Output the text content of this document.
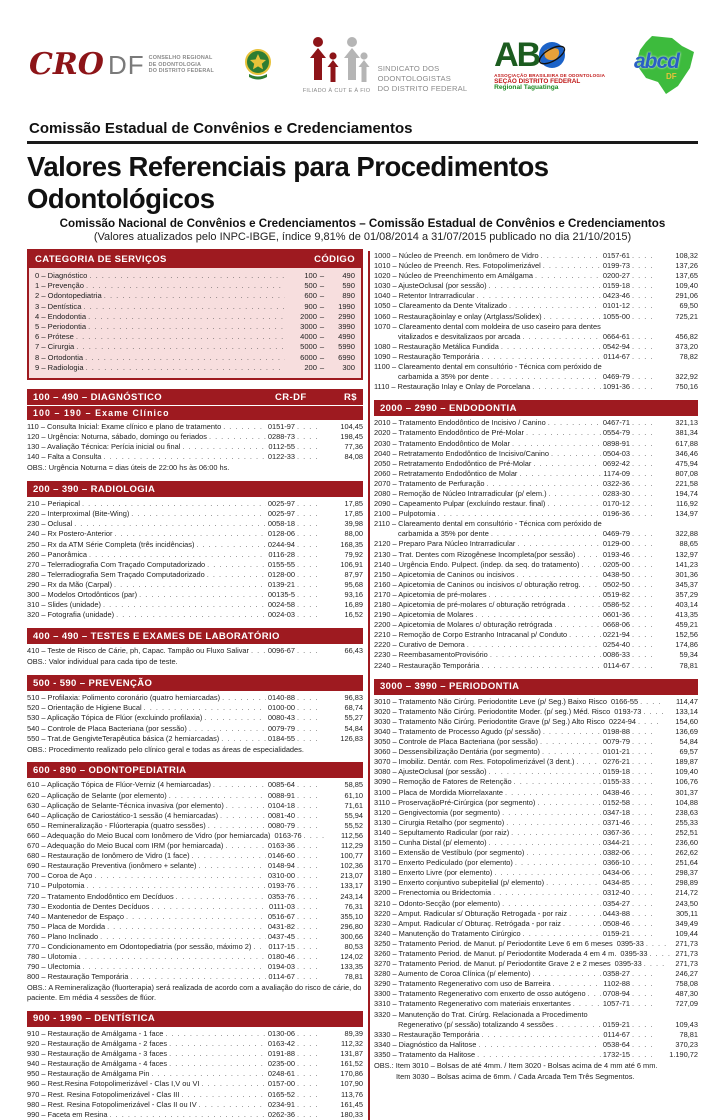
CRO DF CONSELHO REGIONAL
DE ODONTOLOGIA
DO DISTRITO FEDERAL
FILIADO À CUT E À FIO
SINDICATO DOS
ODONTOLOGISTAS
DO DISTRITO FEDERAL
AB
ASSOCIAÇÃO BRASILEIRA DE ODONTOLOGIA
SEÇÃO DISTRITO FEDERAL
Regional Taguatinga
abcd
DF
Comissão Estadual de Convênios e Credenciamentos
Valores Referenciais para Procedimentos Odontológicos
Comissão Nacional de Convênios e Credenciamentos – Comissão Estadual de Convênios e Credenciamentos
(Valores atualizados pelo INPC-IBGE, índice 9,81% de 01/08/2014 a 31/07/2015 publicado no dia 21/10/2015)
CATEGORIA DE SERVIÇOS	CÓDIGO
0 – Diagnóstico . . .	100 –	490
1 – Prevenção . . .	500 –	590
2 – Odontopediatria . . .	600 –	890
3 – Dentística . . .	900 –	1990
4 – Endodontia . . .	2000 –	2990
5 – Periodontia . . .	3000 –	3990
6 – Prótese . . .	4000 –	4990
7 – Cirurgia . . .	5000 –	5990
8 – Ortodontia . . .	6000 –	6990
9 – Radiologia . . .	200 –	300
100 – 490 – DIAGNÓSTICO	CR-DF	R$
100 – 190 – Exame Clínico
110 – Consulta Inicial: Exame clínico e plano de tratamento . . .	0151-97 . . .	104,45
120 – Urgência: Noturna, sábado, domingo ou feriados . . .	0288-73 . . .	198,45
130 – Avaliação Técnica: Perícia inicial ou final . . .	0112-55 . . .	77,36
140 – Falta a Consulta . . .	0122-33 . . .	84,08
OBS.: Urgência Noturna = dias úteis de 22:00 hs às 06:00 hs.
200 – 390 – RADIOLOGIA
210 – Periapical . . .	0025-97 . . .	17,85
220 – Interproximal (Bite-Wing) . . .	0025-97 . . .	17,85
230 – Oclusal . . .	0058-18 . . .	39,98
240 – Rx Postero-Anterior . . .	0128-06 . . .	88,00
250 – Rx da ATM Série Completa (três incidências) . . .	0244-94 . . .	168,35
260 – Panorâmica . . .	0116-28 . . .	79,92
270 – Telerradiografia Com Traçado Computadorizado . . .	0155-55 . . .	106,91
280 – Telerradiografia Sem Traçado Computadorizado . . .	0128-00 . . .	87,97
290 – Rx da Mão (Carpal) . . .	0139-21 . . .	95,68
300 – Modelos Ortodônticos (par) . . .	00135-5 . . .	93,16
310 – Slides (unidade) . . .	0024-58 . . .	16,89
320 – Fotografia (unidade) . . .	0024-03 . . .	16,52
400 – 490 – TESTES E EXAMES DE LABORATÓRIO
410 – Teste de Risco de Cárie, ph, Capac. Tampão ou Fluxo Salivar . . .	0096-67 . . .	66,43
OBS.: Valor individual para cada tipo de teste.
500 - 590 – PREVENÇÃO
510 – Profilaxia: Polimento coronário (quatro hemiarcadas) . . .	0140-88 . . .	96,83
520 – Orientação de Higiene Bucal . . .	0100-00 . . .	68,74
530 – Aplicação Tópica de Flúor (excluindo profilaxia) . . .	0080-43 . . .	55,27
540 – Controle de Placa Bacteriana (por sessão) . . .	0079-79 . . .	54,84
550 – Trat.de GengivteTerapêutica básica (2 hemiarcadas) . . .	0184-55 . . .	126,83
OBS.: Procedimento realizado pelo clínico geral e todas as áreas de especialidades.
600 - 890 – ODONTOPEDIATRIA
610 – Aplicação Tópica de Flúor-Verniz (4 hemiarcadas) . . .	0085-64 . . .	58,85
620 – Aplicação de Selante (por elemento) . . .	0088-91 . . .	61,10
630 – Aplicação de Selante-Técnica invasiva (por elemento) . . .	0104-18 . . .	71,61
640 – Aplicação de Cariostático-1 sessão (4 hemiarcadas) . . .	0081-40 . . .	55,94
650 – Remineralização - Flúorterapia (quatro sessões) . . .	0080-79 . . .	55,52
660 – Adequação do Meio Bucal com Ionômero de Vidro (por hemiarcada) 0163-76 . . .	112,56
670 – Adequação do Meio Bucal com IRM (por hemiarcada) . . .	0163-36 . . .	112,29
680 – Restauração de Ionômero de Vidro (1 face) . . .	0146-60 . . .	100,77
690 – Restauração Preventiva (ionômero + selante) . . .	0148-94 . . .	102,36
700 – Coroa de Aço . . .	0310-00 . . .	213,07
710 – Pulpotomia . . .	0193-76 . . .	133,17
720 – Tratamento Endodôntico em Decíduos . . .	0353-76 . . .	243,14
730 – Exodontia de Dentes Decíduos . . .	0111-03 . . .	76,31
740 – Mantenedor de Espaço . . .	0516-67 . . .	355,10
750 – Placa de Mordida . . .	0431-82 . . .	296,80
760 – Plano Inclinado . . .	0437-45 . . .	300,66
770 – Condicionamento em Odontopediatria (por sessão, máximo 2) . . . 0117-15 . . .	80,53
780 – Ulotomia . . .	0180-46 . . .	124,02
790 – Ulectomia . . .	0194-03 . . .	133,35
800 – Restauração Temporária . . .	0114-67 . . .	78,81
OBS.: A Remineralização (fluorterapia) será realizada de acordo com a avaliação do risco de cárie, do paciente. Em média 4 sessões de flúor.
900 - 1990 – DENTÍSTICA
910 – Restauração de Amálgama - 1 face . . .	0130-06 . . .	89,39
920 – Restauração de Amálgama - 2 faces . . .	0163-42 . . .	112,32
930 – Restauração de Amálgama - 3 faces . . .	0191-88 . . .	131,87
940 – Restauração de Amálgama - 4 faces . . .	0235-00 . . .	161,52
950 – Restauração de Amálgama Pin . . .	0248-61 . . .	170,86
960 – Rest.Resina Fotopolimerizável - Clas I,V ou VI . . .	0157-00 . . .	107,90
970 – Rest. Resina Fotopolimerizável - Clas III . . .	0165-52 . . .	113,76
980 – Rest. Resina Fotopolimerizável - Clas II ou IV . . .	0234-91 . . .	161,45
990 – Faceta em Resina . . .	0262-36 . . .	180,33
1000 – Núcleo de Preench. em Ionômero de Vidro . . .	0157-61 . . .	108,32
1010 – Núcleo de Preench. Res. Fotopolimerizável . . .	0199-73 . . .	137,26
1020 – Núcleo de Preenchimento em Amálgama . . .	0200-27 . . .	137,65
1030 – AjusteOclusal (por sessão) . . .	0159-18 . . .	109,40
1040 – Retentor Intrarradicular . . .	0423-46 . . .	291,06
1050 – Clareamento da Dente Vitalizado . . .	0101-12 . . .	69,50
1060 – Restauraçãoinlay e onlay (Artglass/Solidex) . . .	1055-00 . . .	725,21
1070 – Clareamento dental com moldeira de uso caseiro para dentes
vitalizados e desvitalizaos por arcada . . .	0664-61 . . .	456,82
1080 – Restauração Metálica Fundida . . .	0542-94 . . .	373,20
1090 – Restauração Temporária . . .	0114-67 . . .	78,82
1100 – Clareamento dental em consultório - Técnica com peróxido de
carbamida a 35% por dente . . .	0469-79 . . .	322,92
1110 – Restauração Inlay e Onlay de Porcelana . . .	1091-36 . . .	750,16
2000 – 2990 – ENDODONTIA
2010 – Tratamento Endodôntico de Incisivo / Canino . . .	0467-71 . . .	321,13
2020 – Tratamento Endodôntico de Pré-Molar . . .	0554-79 . . .	381,34
2030 – Tratamento Endodôntico de Molar . . .	0898-91 . . .	617,88
2040 – Retratamento Endodôntico de Incisivo/Canino . . .	0504-03 . . .	346,46
2050 – Retratamento Endodôntico de Pré-Molar . . .	0692-42 . . .	475,94
2060 – Retratamento Endodôntico de Molar . . .	1174-09 . . .	807,08
2070 – Tratamento de Perfuração . . .	0322-36 . . .	221,58
2080 – Remoção de Núcleo Intrarradicular (p/ elem.) . . .	0283-30 . . .	194,74
2090 – Capeamento Pulpar (excluíndo restaur. final) . . .	0170-12 . . .	116,92
2100 – Pulpotomia . . .	0196-36 . . .	134,97
2110 – Clareamento dental em consultório - Técnica com peróxido de
carbamida a 35% por dente . . .	0469-79 . . .	322,88
2120 – Preparo Para Núcleo Intrarradicular . . .	0129-00 . . .	88,65
2130 – Trat. Dentes com Rizogênese Incompleta(por sessão) . . .	0193-46 . . .	132,97
2140 – Urgência Endo. Pulpect. (indep. da seq. do tratamento) . . .	0205-00 . . .	141,23
2150 – Apicetomia de Caninos ou incisivos . . .	0438-50 . . .	301,36
2160 – Apicetomia de Caninos ou incisivos c/ obturação retrog. . . .	0502-50 . . .	345,37
2170 – Apicetomia de pré-molares . . .	0519-82 . . .	357,29
2180 – Apicetomia de pré-molares c/ obturação retrógrada . . .	0586-52 . . .	403,14
2190 – Apicetomia de Molares . . .	0601-36 . . .	413,35
2200 – Apicetomia de Molares c/ obturação retrógrada . . .	0668-06 . . .	459,21
2210 – Remoção de Corpo Estranho Intracanal p/ Conduto . . .	0221-94 . . .	152,56
2220 – Curativo de Demora . . .	0254-40 . . .	174,86
2230 – ReembasamentoProvisório . . .	0086-33 . . .	59,34
2240 – Restauração Temporária . . .	0114-67 . . .	78,81
3000 – 3990 – PERIODONTIA
3010 – Tratamento Não Cirúrg. Periodontite Leve (p/ Seg.) Baixo Risco 0166-55 . . .	114,47
3020 – Tratamento Não Cirúrg. Periodontite Moder. (p/ seg.) Méd. Risco 0193-73 . . .	133,14
3030 – Tratamento Não Cirúrg. Periodontite Grave (p/ Seg.) Alto Risco 0224-94 . . .	154,60
3040 – Tratamento de Processo Agudo (p/ sessão) . . .	0198-88 . . .	136,69
3050 – Controle de Placa Bacteriana (por sessão) . . .	0079-79 . . .	54,84
3060 – Dessensibilização Dentária (por segmento) . . .	0101-21 . . .	69,57
3070 – Imobiliz. Dentár. com Res. Fotopolimerizável (3 dent.) . . .	0276-21 . . .	189,87
3080 – AjusteOclusal (por sessão) . . .	0159-18 . . .	109,40
3090 – Remoção de Fatores de Retenção . . .	0155-33 . . .	106,76
3100 – Placa de Mordida Miorrelaxante . . .	0438-46 . . .	301,37
3110 – ProservaçãoPré-Cirúrgica (por segmento) . . .	0152-58 . . .	104,88
3120 – Gengivectomia (por segmento) . . .	0347-18 . . .	238,63
3130 – Cirurgia Retalho (por segmento) . . .	0371-46 . . .	255,33
3140 – Sepultamento Radicular (por raiz) . . .	0367-36 . . .	252,51
3150 – Cunha Distal (p/ elemento) . . .	0344-21 . . .	236,60
3160 – Extensão de Vestíbulo (por segmento) . . .	0382-06 . . .	262,62
3170 – Enxerto Pediculado (por elemento) . . .	0366-10 . . .	251,64
3180 – Enxerto Livre (por elemento) . . .	0434-06 . . .	298,37
3190 – Enxerto conjuntivo subepitelial (p/ elemento) . . .	0434-85 . . .	298,89
3200 – Frenectomia ou Bridectomia . . .	0312-40 . . .	214,72
3210 – Odonto-Secção (por elemento) . . .	0354-27 . . .	243,50
3220 – Amput. Radicular s/ Obturação Retrogada - por raiz . . .	0443-88 . . .	305,11
3230 – Amput. Radicular c/ Obturaç. Retrógada - por raiz . . .	0508-46 . . .	349,49
3240 – Manutenção do Tratamento Cirúrgico . . .	0159-21 . . .	109,44
3250 – Tratamento Period. de Manut. p/ Periodontite Leve 6 em 6 meses 0395-33 . . .	271,73
3260 – Tratamento Period. de Manut. p/ Periodontite Moderada 4 em 4 m. 0395-33 . . .	271,73
3270 – Tratamento Period. de Manut. p/ Periodontite Grave 2 e 2 meses 0395-33 . . .	271,73
3280 – Aumento de Coroa Clínica (p/ elemento) . . .	0358-27 . . .	246,27
3290 – Tratamento Regenerativo com uso de Barreira . . .	1102-88 . . .	758,08
3300 – Tratamento Regenerativo com enxerto de osso autógeno . . . 0708-94 . . .	487,30
3310 – Tratamento Regenerativo com materiais enxertantes . . .	1057-71 . . .	727,09
3320 – Manutenção do Trat. Cirúrg. Relacionada a Procedimento
Regenerativo (p/ sessão) totalizando 4 sessões . . .	0159-21 . . .	109,43
3330 – Restauração Temporária . . .	0114-67 . . .	78,81
3340 – Diagnóstico da Halitose . . .	0538-64 . . .	370,23
3350 – Tratamento da Halitose . . .	1732-15 . . .	1.190,72
OBS.: Item 3010 – Bolsas de até 4mm. / Item 3020 - Bolsas acima de 4 mm até 6 mm.
Item 3030 – Bolsas acima de 6mm. / Cada Arcada Tem Três Segmentos.
